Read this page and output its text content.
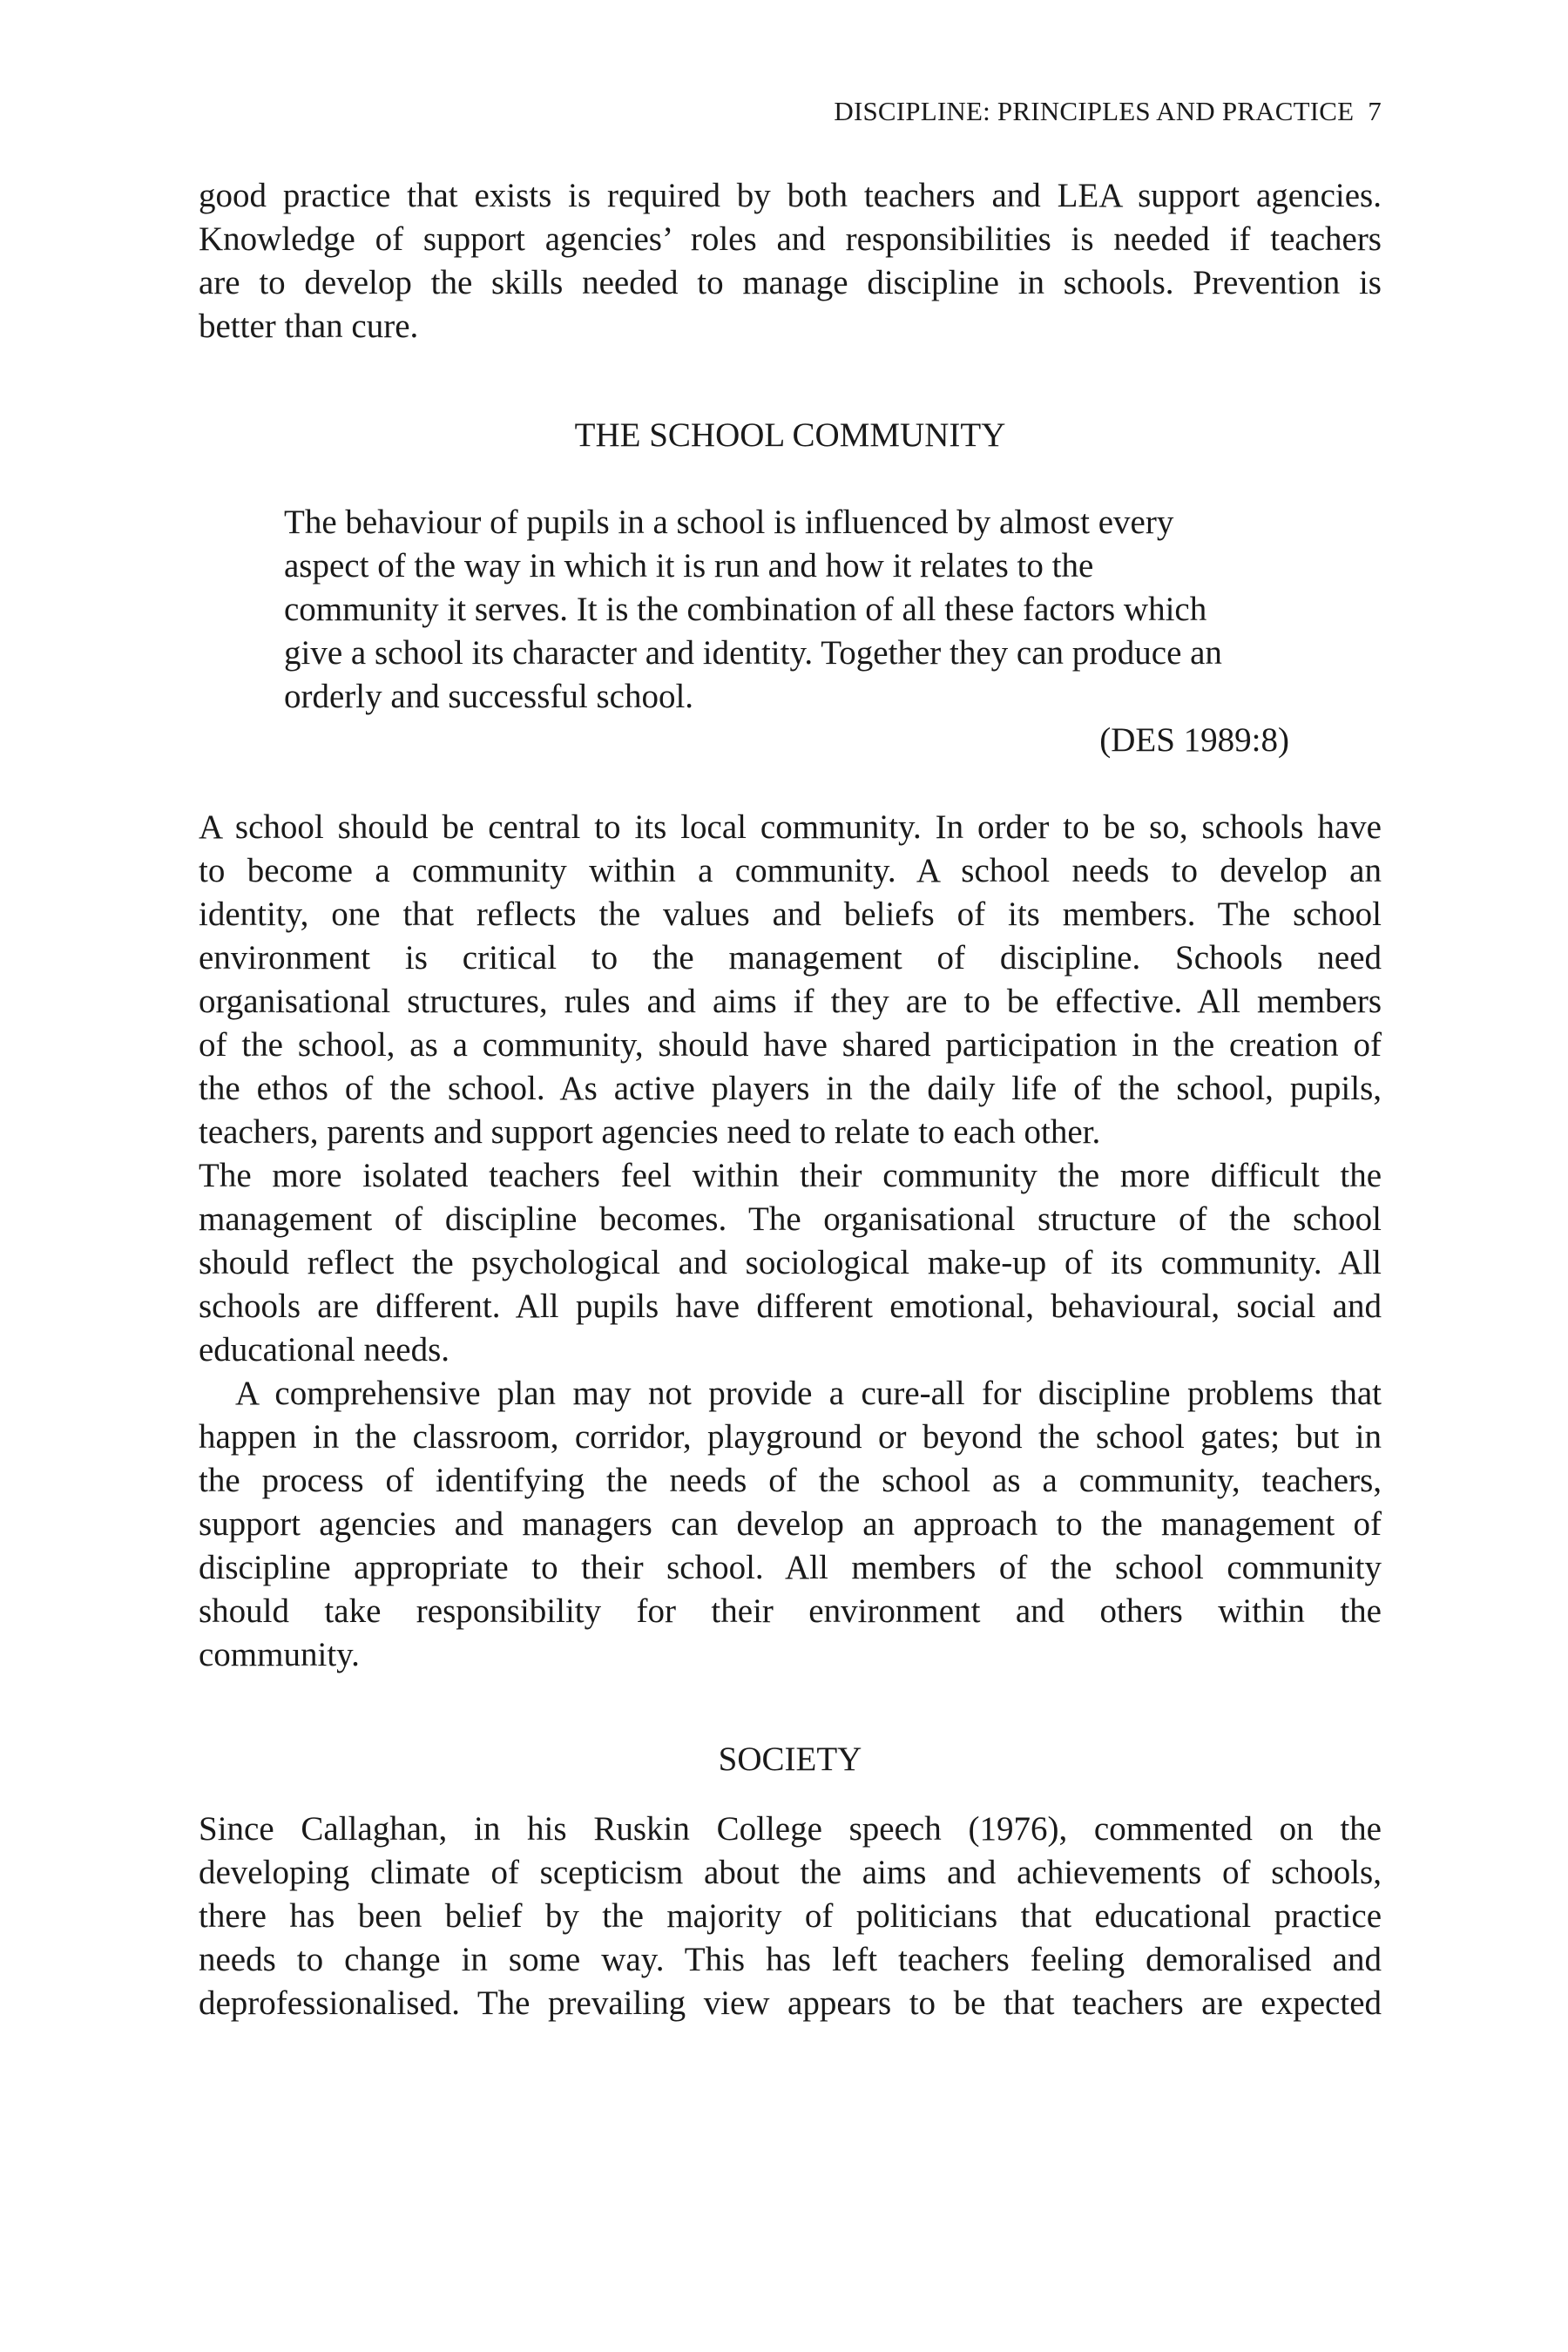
DISCIPLINE: PRINCIPLES AND PRACTICE 7
good practice that exists is required by both teachers and LEA support agencies.
Knowledge of support agencies’ roles and responsibilities is needed if teachers
are to develop the skills needed to manage discipline in schools. Prevention is
better than cure.
THE SCHOOL COMMUNITY
The behaviour of pupils in a school is influenced by almost every
aspect of the way in which it is run and how it relates to the
community it serves. It is the combination of all these factors which
give a school its character and identity. Together they can produce an
orderly and successful school.

(DES 1989:8)

A school should be central to its local community. In order to be so, schools have
to become a community within a community. A school needs to develop an
identity, one that reflects the values and beliefs of its members. The school
environment is critical to the management of discipline. Schools need
organisational structures, rules and aims if they are to be effective. All members
of the school, as a community, should have shared participation in the creation of
the ethos of the school. As active players in the daily life of the school, pupils,
teachers, parents and support agencies need to relate to each other.
The more isolated teachers feel within their community the more difficult the
management of discipline becomes. The organisational structure of the school
should reflect the psychological and sociological make-up of its community. All
schools are different. All pupils have different emotional, behavioural, social and
educational needs.
A comprehensive plan may not provide a cure-all for discipline problems that
happen in the classroom, corridor, playground or beyond the school gates; but in
the process of identifying the needs of the school as a community, teachers,
support agencies and managers can develop an approach to the management of
discipline appropriate to their school. All members of the school community
should take responsibility for their environment and others within the
community.
SOCIETY
Since Callaghan, in his Ruskin College speech (1976), commented on the
developing climate of scepticism about the aims and achievements of schools,
there has been belief by the majority of politicians that educational practice
needs to change in some way. This has left teachers feeling demoralised and
deprofessionalised. The prevailing view appears to be that teachers are expected
